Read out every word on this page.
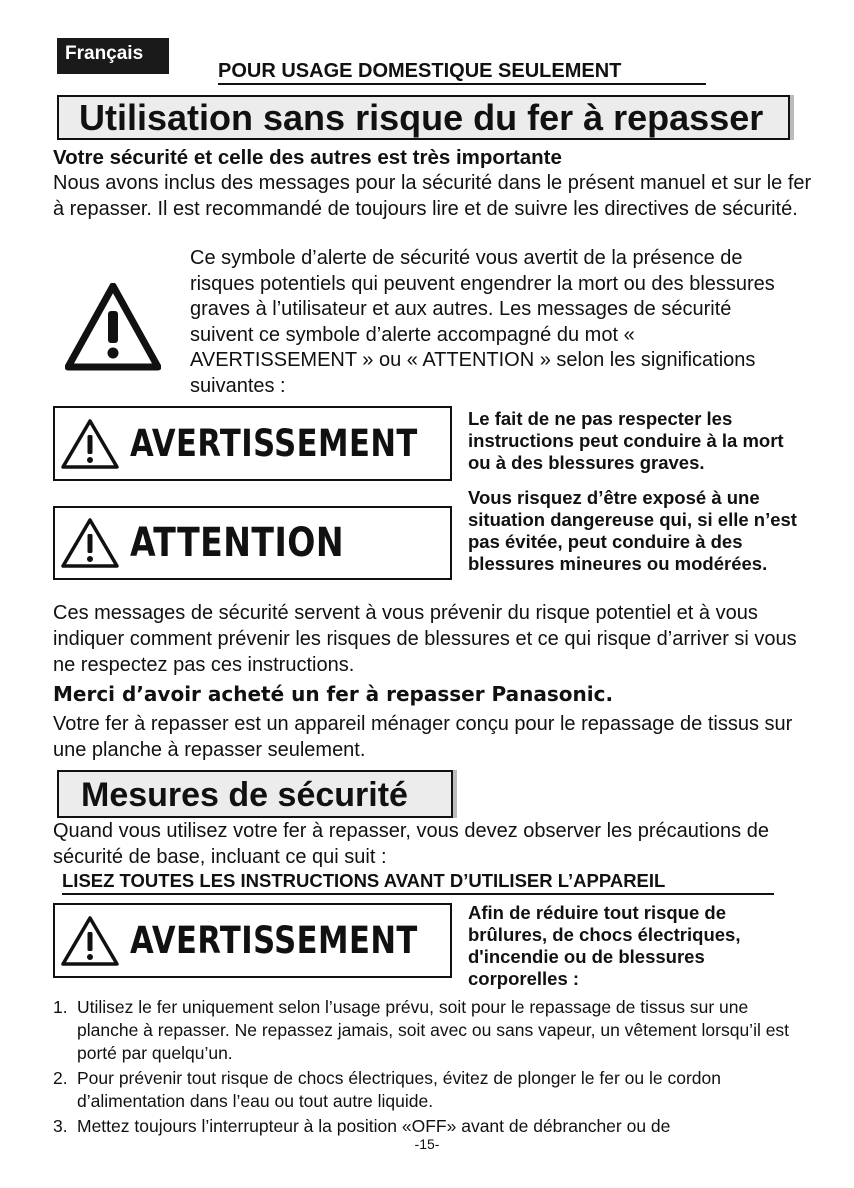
Français
POUR USAGE DOMESTIQUE SEULEMENT
Utilisation sans risque du fer à repasser
Votre sécurité et celle des autres est très importante
Nous avons inclus des messages pour la sécurité dans le présent manuel et sur le fer à repasser. Il est recommandé de toujours lire et de suivre les directives de sécurité.
Ce symbole d’alerte de sécurité vous avertit de la présence de risques potentiels qui peuvent engendrer la mort ou des blessures graves à l’utilisateur et aux autres. Les messages de sécurité suivent ce symbole d’alerte accompagné du mot « AVERTISSEMENT » ou « ATTENTION » selon les significations suivantes :
AVERTISSEMENT
Le fait de ne pas respecter les instructions peut conduire à la mort ou à des blessures graves.
ATTENTION
Vous risquez d’être exposé à une situation dangereuse qui, si elle n’est pas évitée, peut conduire à des blessures mineures ou modérées.
Ces messages de sécurité servent à vous prévenir du risque potentiel et à vous indiquer comment prévenir les risques de blessures et ce qui risque d’arriver si vous ne respectez pas ces instructions.
Merci d’avoir acheté un fer à repasser Panasonic.
Votre fer à repasser est un appareil ménager conçu pour le repassage de tissus sur une planche à repasser seulement.
Mesures de sécurité
Quand vous utilisez votre fer à repasser, vous devez observer les précautions de sécurité de base, incluant ce qui suit :
LISEZ TOUTES LES INSTRUCTIONS AVANT D’UTILISER L’APPAREIL
AVERTISSEMENT
Afin de réduire tout risque de brûlures, de chocs électriques, d'incendie ou de blessures corporelles :
1. Utilisez le fer uniquement selon l’usage prévu, soit pour le repassage de tissus sur une planche à repasser. Ne repassez jamais, soit avec ou sans vapeur, un vêtement lorsqu’il est porté par quelqu’un.
2. Pour prévenir tout risque de chocs électriques, évitez de plonger le fer ou le cordon d’alimentation dans l’eau ou tout autre liquide.
3. Mettez toujours l’interrupteur à la position «OFF» avant de débrancher ou de
-15-
